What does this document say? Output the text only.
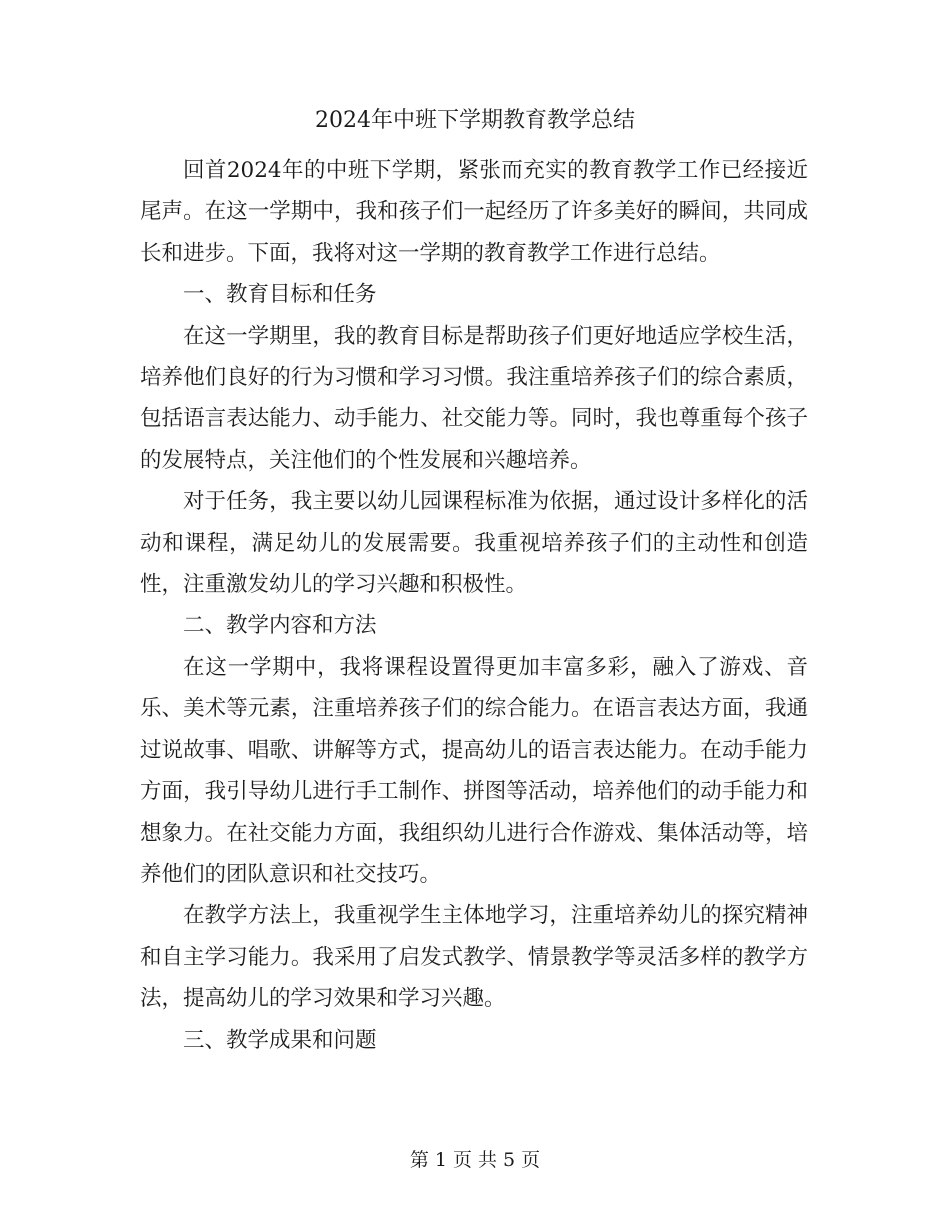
2024年中班下学期教育教学总结

回首2024年的中班下学期，紧张而充实的教育教学工作已经接近尾声。在这一学期中，我和孩子们一起经历了许多美好的瞬间，共同成长和进步。下面，我将对这一学期的教育教学工作进行总结。

一、教育目标和任务

在这一学期里，我的教育目标是帮助孩子们更好地适应学校生活，培养他们良好的行为习惯和学习习惯。我注重培养孩子们的综合素质，包括语言表达能力、动手能力、社交能力等。同时，我也尊重每个孩子的发展特点，关注他们的个性发展和兴趣培养。

对于任务，我主要以幼儿园课程标准为依据，通过设计多样化的活动和课程，满足幼儿的发展需要。我重视培养孩子们的主动性和创造性，注重激发幼儿的学习兴趣和积极性。

二、教学内容和方法

在这一学期中，我将课程设置得更加丰富多彩，融入了游戏、音乐、美术等元素，注重培养孩子们的综合能力。在语言表达方面，我通过说故事、唱歌、讲解等方式，提高幼儿的语言表达能力。在动手能力方面，我引导幼儿进行手工制作、拼图等活动，培养他们的动手能力和想象力。在社交能力方面，我组织幼儿进行合作游戏、集体活动等，培养他们的团队意识和社交技巧。

在教学方法上，我重视学生主体地学习，注重培养幼儿的探究精神和自主学习能力。我采用了启发式教学、情景教学等灵活多样的教学方法，提高幼儿的学习效果和学习兴趣。

三、教学成果和问题

第 1 页 共 5 页
